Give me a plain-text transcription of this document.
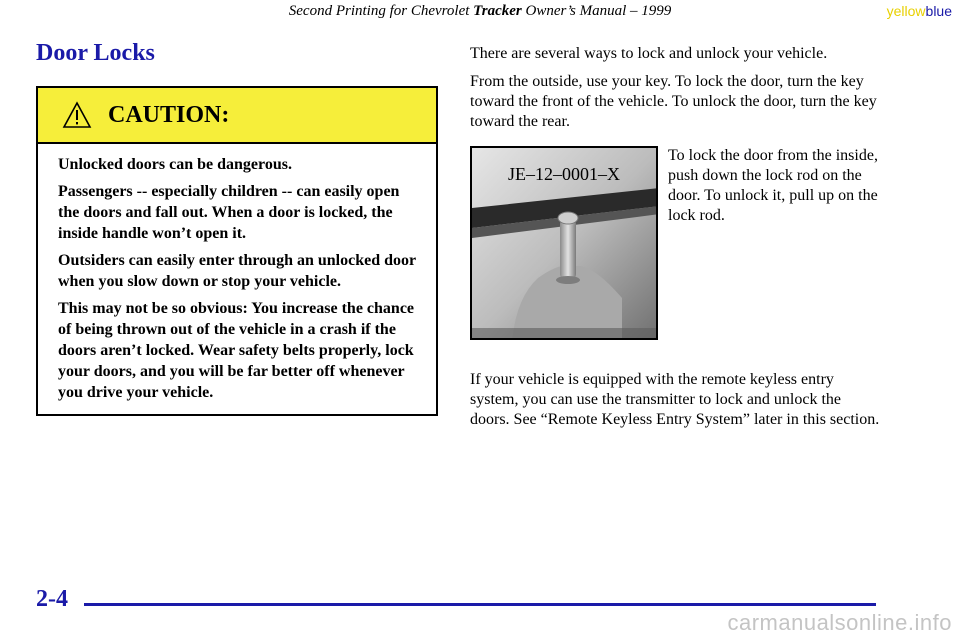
Second Printing for Chevrolet Tracker Owner’s Manual – 1999	yellowblue
Door Locks
CAUTION:

Unlocked doors can be dangerous.

Passengers -- especially children -- can easily open the doors and fall out. When a door is locked, the inside handle won’t open it.

Outsiders can easily enter through an unlocked door when you slow down or stop your vehicle.

This may not be so obvious: You increase the chance of being thrown out of the vehicle in a crash if the doors aren’t locked. Wear safety belts properly, lock your doors, and you will be far better off whenever you drive your vehicle.

There are several ways to lock and unlock your vehicle.

From the outside, use your key. To lock the door, turn the key toward the front of the vehicle. To unlock the door, turn the key toward the rear.

JE–12–0001–X

To lock the door from the inside, push down the lock rod on the door. To unlock it, pull up on the lock rod.

If your vehicle is equipped with the remote keyless entry system, you can use the transmitter to lock and unlock the doors. See “Remote Keyless Entry System” later in this section.

2-4
carmanualsonline.info
